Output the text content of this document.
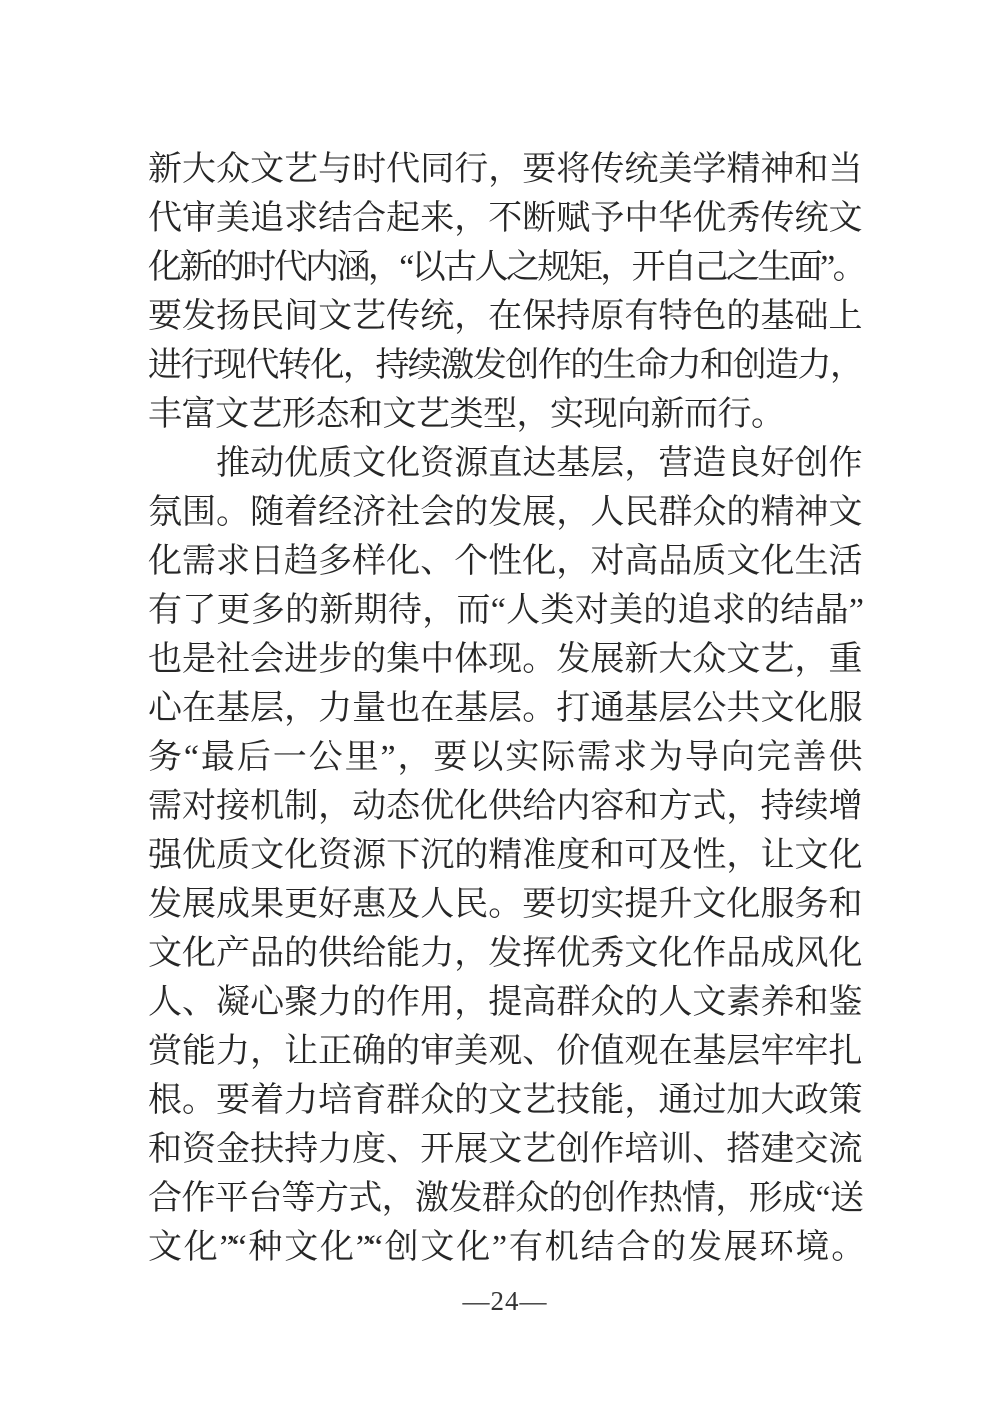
新大众文艺与时代同行，要将传统美学精神和当
代审美追求结合起来，不断赋予中华优秀传统文
化新的时代内涵，“以古人之规矩，开自己之生面”。
要发扬民间文艺传统，在保持原有特色的基础上
进行现代转化，持续激发创作的生命力和创造力，
丰富文艺形态和文艺类型，实现向新而行。
推动优质文化资源直达基层，营造良好创作
氛围。随着经济社会的发展，人民群众的精神文
化需求日趋多样化、个性化，对高品质文化生活
有了更多的新期待，而“人类对美的追求的结晶”
也是社会进步的集中体现。发展新大众文艺，重
心在基层，力量也在基层。打通基层公共文化服
务“最后一公里”，要以实际需求为导向完善供
需对接机制，动态优化供给内容和方式，持续增
强优质文化资源下沉的精准度和可及性，让文化
发展成果更好惠及人民。要切实提升文化服务和
文化产品的供给能力，发挥优秀文化作品成风化
人、凝心聚力的作用，提高群众的人文素养和鉴
赏能力，让正确的审美观、价值观在基层牢牢扎
根。要着力培育群众的文艺技能，通过加大政策
和资金扶持力度、开展文艺创作培训、搭建交流
合作平台等方式，激发群众的创作热情，形成“送
文化”“种文化”“创文化”有机结合的发展环境。
—24—
